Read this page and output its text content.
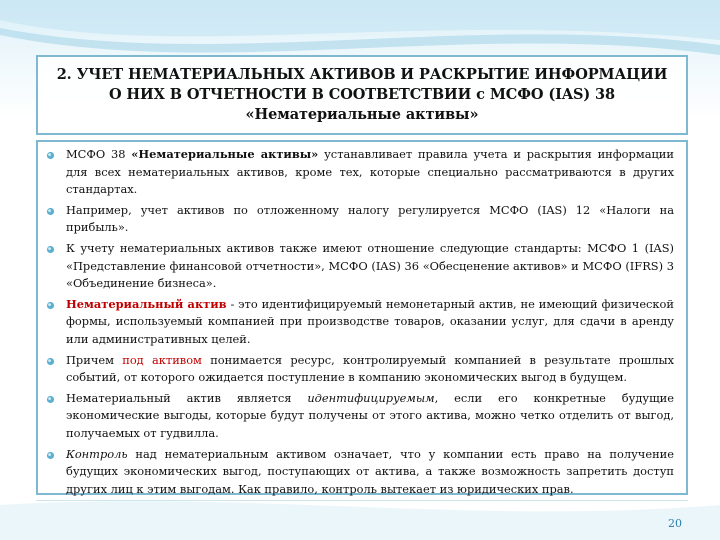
2. УЧЕТ НЕМАТЕРИАЛЬНЫХ АКТИВОВ И РАСКРЫТИЕ ИНФОРМАЦИИ
О НИХ В ОТЧЕТНОСТИ В СООТВЕТСТВИИ с МСФО (IAS) 38
«Нематериальные активы»
МСФО 38 «Нематериальные активы» устанавливает правила учета и раскрытия информации для всех нематериальных активов, кроме тех, которые специально рассматриваются в других стандартах.
Например, учет активов по отложенному налогу регулируется МСФО (IAS) 12 «Налоги на прибыль».
К учету нематериальных активов также имеют отношение следующие стандарты: МСФО 1 (IAS) «Представление финансовой отчетности», МСФО (IAS) 36 «Обесценение активов» и МСФО (IFRS) 3 «Объединение бизнеса».
Нематериальный актив - это идентифицируемый немонетарный актив, не имеющий физической формы, используемый компанией при производстве товаров, оказании услуг, для сдачи в аренду или административных целей.
Причем под активом понимается ресурс, контролируемый компанией в результате прошлых событий, от которого ожидается поступление в компанию экономических выгод в будущем.
Нематериальный актив является идентифицируемым, если его конкретные будущие экономические выгоды, которые будут получены от этого актива, можно четко отделить от выгод, получаемых от гудвилла.
Контроль над нематериальным активом означает, что у компании есть право на получение будущих экономических выгод, поступающих от актива, а также возможность запретить доступ других лиц к этим выгодам. Как правило, контроль вытекает из юридических прав.
20
